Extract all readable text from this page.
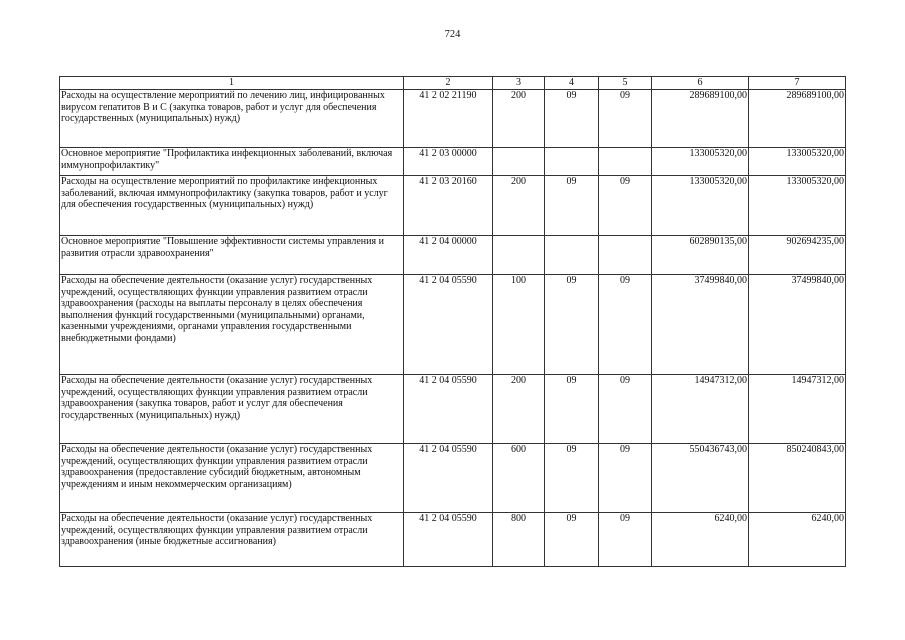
724
1	2	3	4	5	6	7
Расходы на осуществление мероприятий по лечению лиц, инфицированных вирусом гепатитов B и C (закупка товаров, работ и услуг для обеспечения государственных (муниципальных) нужд)	41 2 02 21190	200	09	09	289689100,00	289689100,00
Основное мероприятие "Профилактика инфекционных заболеваний, включая иммунопрофилактику"	41 2 03 00000				133005320,00	133005320,00
Расходы на осуществление мероприятий по профилактике инфекционных заболеваний, включая иммунопрофилактику (закупка товаров, работ и услуг для обеспечения государственных (муниципальных) нужд)	41 2 03 20160	200	09	09	133005320,00	133005320,00
Основное мероприятие "Повышение эффективности системы управления и развития отрасли здравоохранения"	41 2 04 00000				602890135,00	902694235,00
Расходы на обеспечение деятельности (оказание услуг) государственных учреждений, осуществляющих функции управления развитием отрасли здравоохранения (расходы на выплаты персоналу в целях обеспечения выполнения функций государственными (муниципальными) органами, казенными учреждениями, органами управления государственными внебюджетными фондами)	41 2 04 05590	100	09	09	37499840,00	37499840,00
Расходы на обеспечение деятельности (оказание услуг) государственных учреждений, осуществляющих функции управления развитием отрасли здравоохранения (закупка товаров, работ и услуг для обеспечения государственных (муниципальных) нужд)	41 2 04 05590	200	09	09	14947312,00	14947312,00
Расходы на обеспечение деятельности (оказание услуг) государственных учреждений, осуществляющих функции управления развитием отрасли здравоохранения (предоставление субсидий бюджетным, автономным учреждениям и иным некоммерческим организациям)	41 2 04 05590	600	09	09	550436743,00	850240843,00
Расходы на обеспечение деятельности (оказание услуг) государственных учреждений, осуществляющих функции управления развитием отрасли здравоохранения (иные бюджетные ассигнования)	41 2 04 05590	800	09	09	6240,00	6240,00
